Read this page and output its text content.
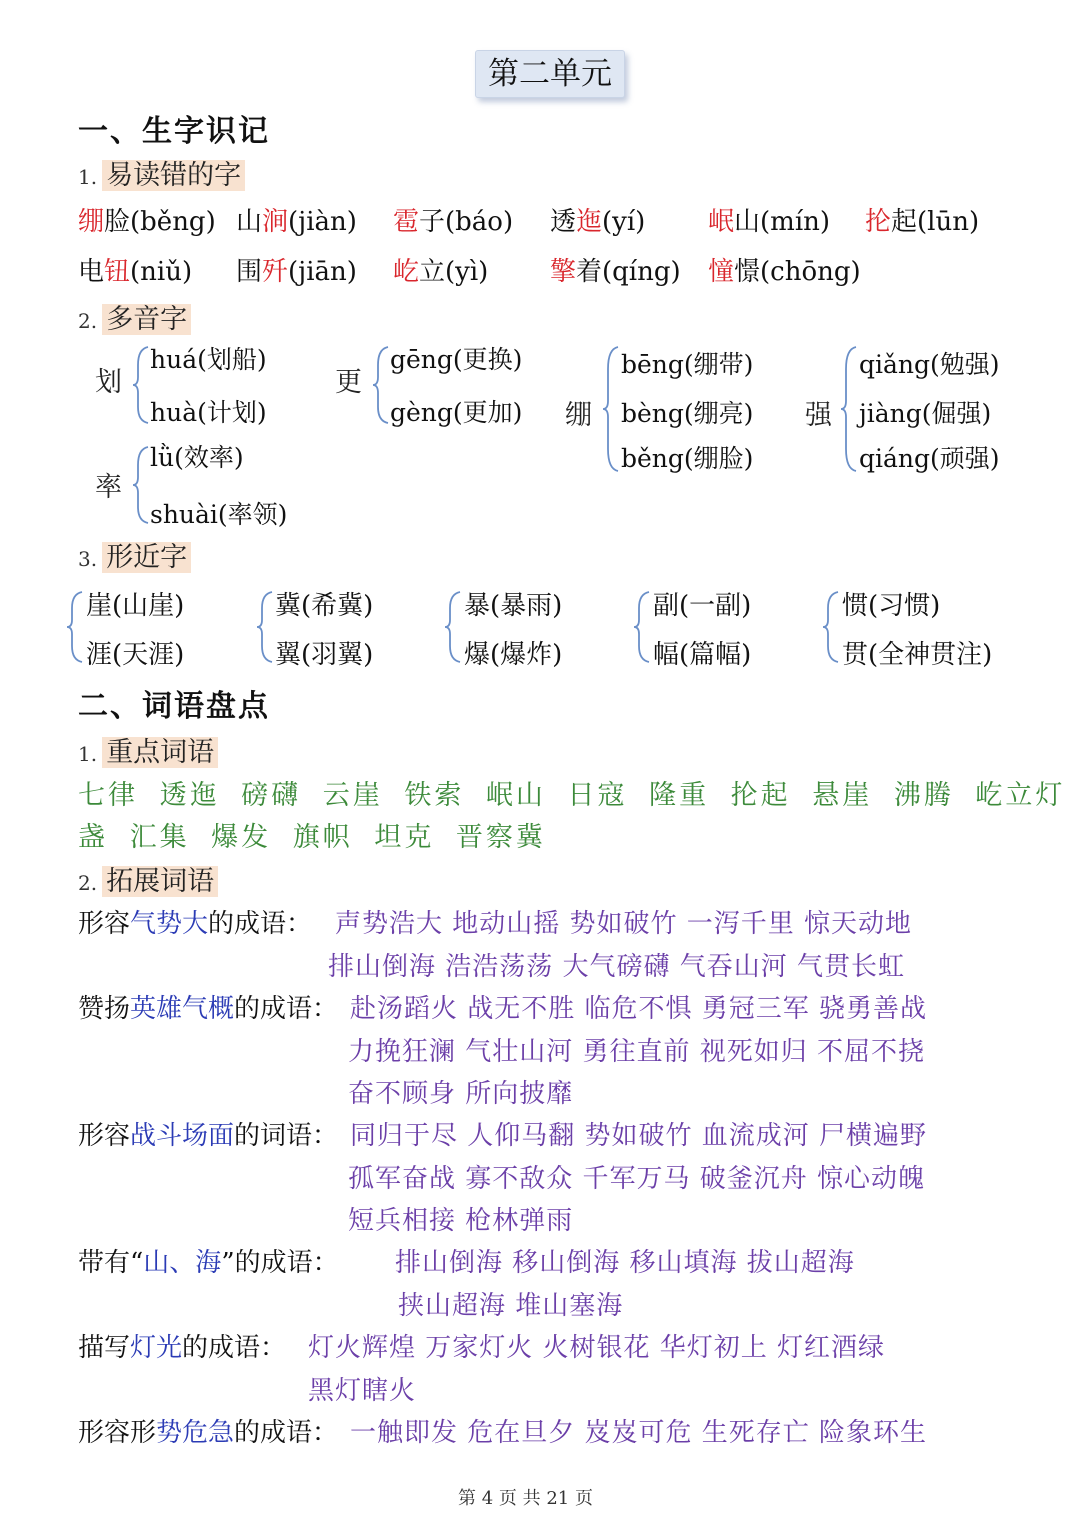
第二单元
一、生字识记
1. 易读错的字
绷脸(běng) 山涧(jiàn) 雹子(báo) 透迤(yí) 岷山(mín) 抡起(lūn)
电钮(niǔ) 围歼(jiān) 屹立(yì) 擎着(qíng) 憧憬(chōng)
2. 多音字
划
huá(划船)
huà(计划)
更
gēng(更换)
gèng(更加) 绷
bēng(绷带)
bèng(绷亮)
běng(绷脸)
强
qiǎng(勉强)
jiàng(倔强)
qiáng(顽强)
率
lǜ(效率)
shuài(率领)
3. 形近字
崖(山崖)
涯(天涯)
冀(希冀)
翼(羽翼)
暴(暴雨)
爆(爆炸)
副(一副)
幅(篇幅)
惯(习惯)
贯(全神贯注)
二、词语盘点
1. 重点词语
七律 透迤 磅礴 云崖 铁索 岷山 日寇 隆重 抡起 悬崖 沸腾 屹立灯
盏 汇集 爆发 旗帜 坦克 晋察冀
2. 拓展词语
形容气势大的成语： 声势浩大 地动山摇 势如破竹 一泻千里 惊天动地
排山倒海 浩浩荡荡 大气磅礴 气吞山河 气贯长虹
赞扬英雄气概的成语： 赴汤蹈火 战无不胜 临危不惧 勇冠三军 骁勇善战
力挽狂澜 气壮山河 勇往直前 视死如归 不屈不挠
奋不顾身 所向披靡
形容战斗场面的词语： 同归于尽 人仰马翻 势如破竹 血流成河 尸横遍野
孤军奋战 寡不敌众 千军万马 破釜沉舟 惊心动魄
短兵相接 枪林弹雨
带有“山、海”的成语： 排山倒海 移山倒海 移山填海 拔山超海
挟山超海 堆山塞海
描写灯光的成语： 灯火辉煌 万家灯火 火树银花 华灯初上 灯红酒绿
黑灯瞎火
形容形势危急的成语： 一触即发 危在旦夕 岌岌可危 生死存亡 险象环生
第 4 页 共 21 页
